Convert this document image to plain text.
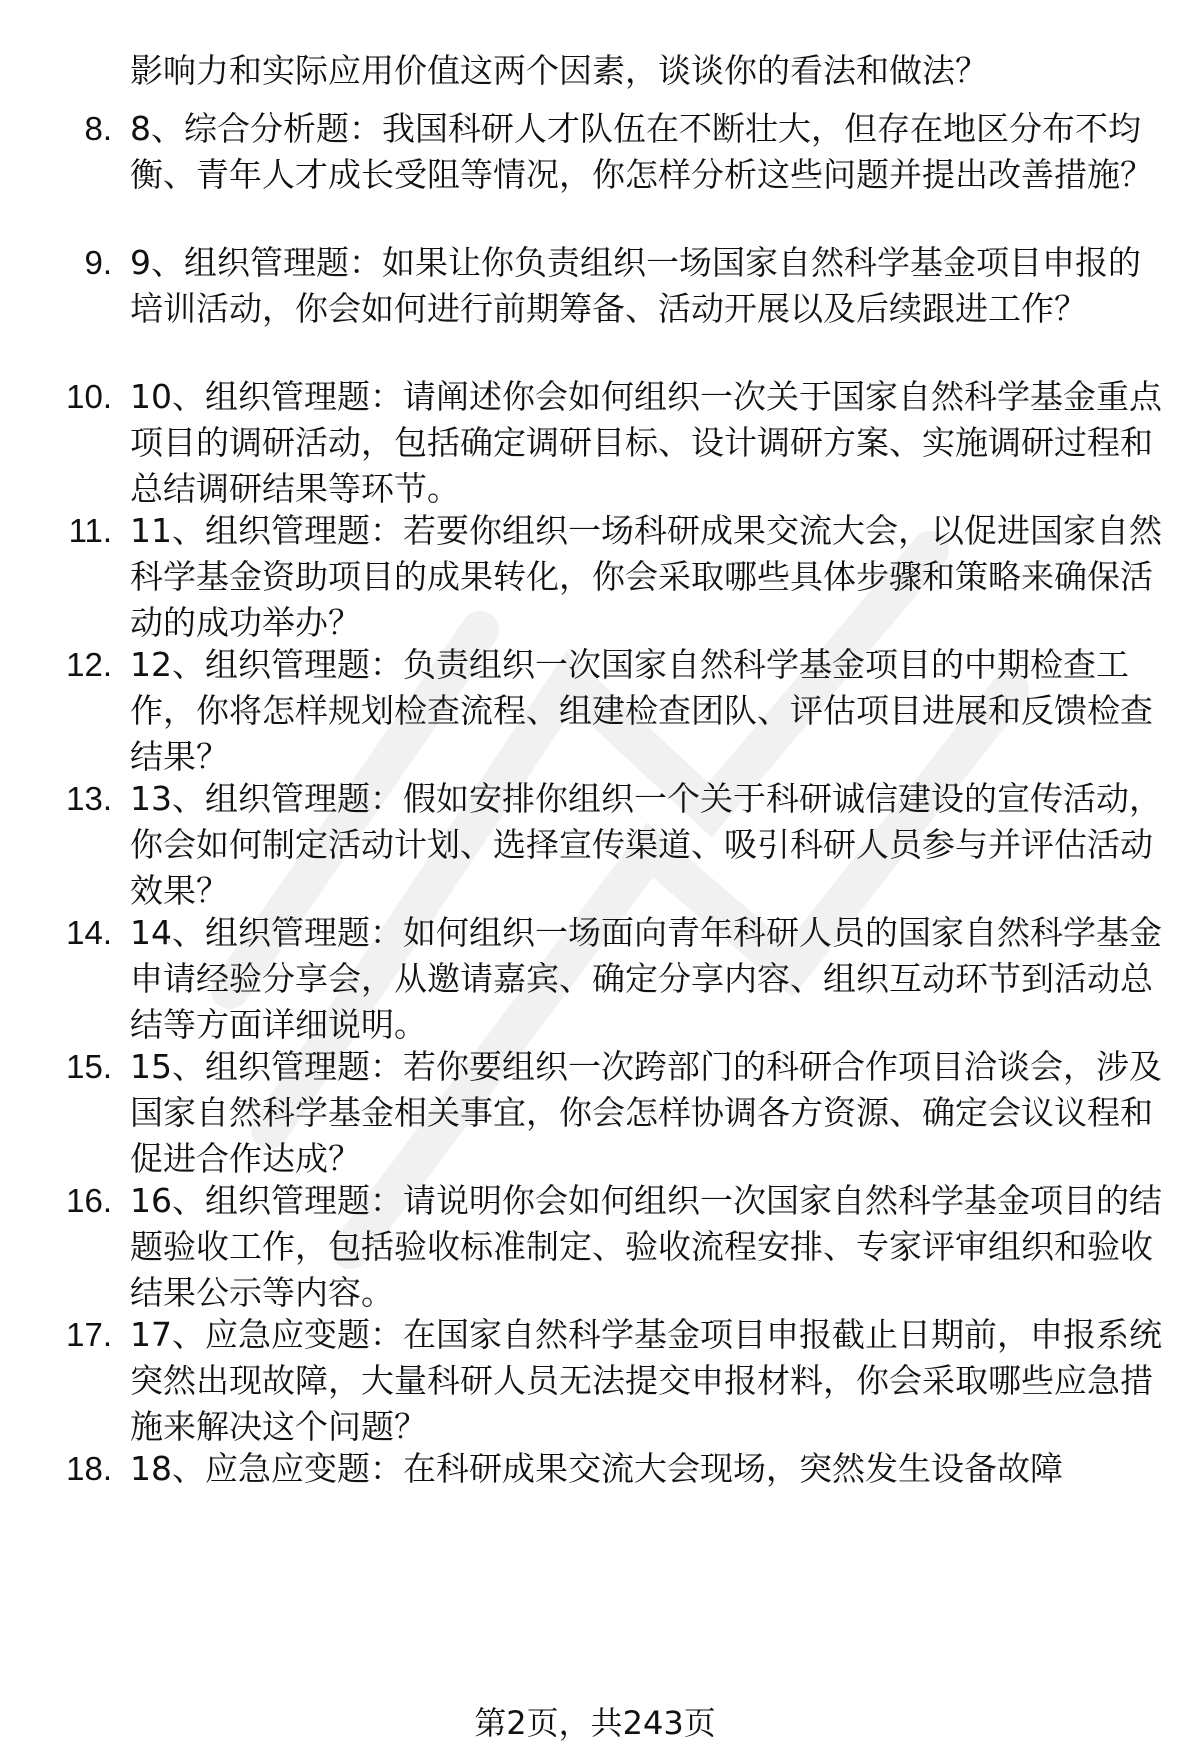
影响力和实际应用价值这两个因素，谈谈你的看法和做法？
8. 8、综合分析题：我国科研人才队伍在不断壮大，但存在地区分布不均衡、青年人才成长受阻等情况，你怎样分析这些问题并提出改善措施？
9. 9、组织管理题：如果让你负责组织一场国家自然科学基金项目申报的培训活动，你会如何进行前期筹备、活动开展以及后续跟进工作？
10. 10、组织管理题：请阐述你会如何组织一次关于国家自然科学基金重点项目的调研活动，包括确定调研目标、设计调研方案、实施调研过程和总结调研结果等环节。
11. 11、组织管理题：若要你组织一场科研成果交流大会，以促进国家自然科学基金资助项目的成果转化，你会采取哪些具体步骤和策略来确保活动的成功举办？
12. 12、组织管理题：负责组织一次国家自然科学基金项目的中期检查工作，你将怎样规划检查流程、组建检查团队、评估项目进展和反馈检查结果？
13. 13、组织管理题：假如安排你组织一个关于科研诚信建设的宣传活动，你会如何制定活动计划、选择宣传渠道、吸引科研人员参与并评估活动效果？
14. 14、组织管理题：如何组织一场面向青年科研人员的国家自然科学基金申请经验分享会，从邀请嘉宾、确定分享内容、组织互动环节到活动总结等方面详细说明。
15. 15、组织管理题：若你要组织一次跨部门的科研合作项目洽谈会，涉及国家自然科学基金相关事宜，你会怎样协调各方资源、确定会议议程和促进合作达成？
16. 16、组织管理题：请说明你会如何组织一次国家自然科学基金项目的结题验收工作，包括验收标准制定、验收流程安排、专家评审组织和验收结果公示等内容。
17. 17、应急应变题：在国家自然科学基金项目申报截止日期前，申报系统突然出现故障，大量科研人员无法提交申报材料，你会采取哪些应急措施来解决这个问题？
18. 18、应急应变题：在科研成果交流大会现场，突然发生设备故障
第2页，共243页
